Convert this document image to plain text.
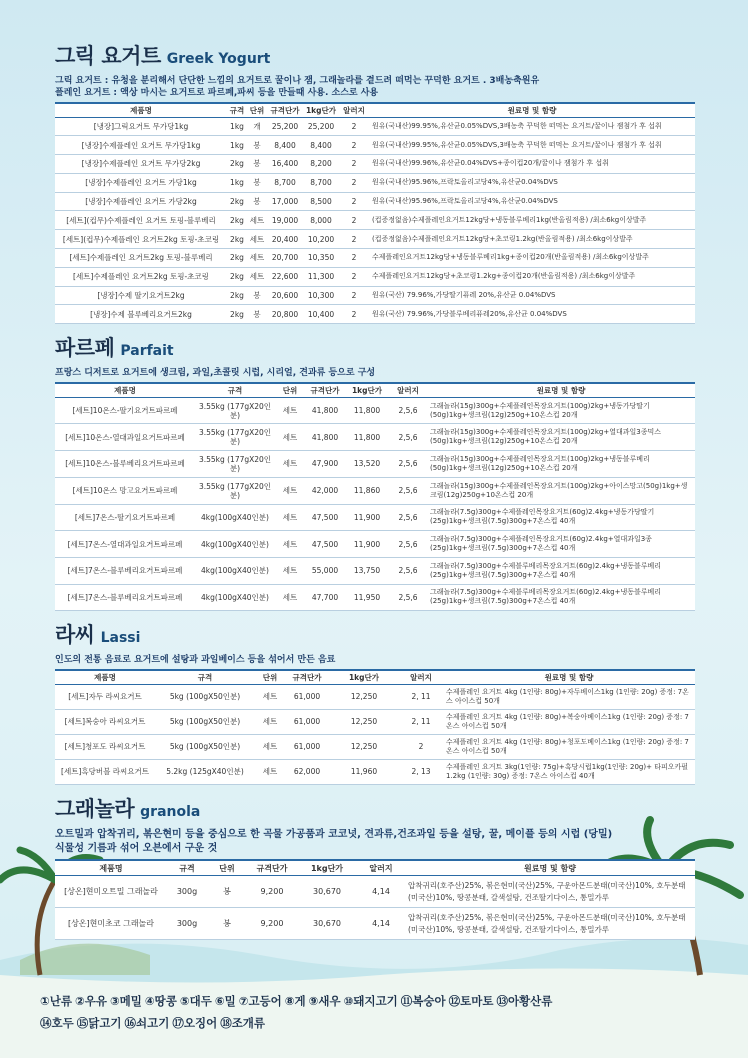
그릭 요거트 Greek Yogurt
그릭 요거트 : 유청을 분리해서 단단한 느낌의 요거트로 꿀이나 잼, 그래놀라를 곁드려 떠먹는 꾸덕한 요거트 . 3배농축원유
플레인 요거트 : 액상 마시는 요거트로 파르페,파씨 등을 만들때 사용. 소스로 사용
제품명	규격	단위	규격단가	1kg단가	알러지	원료명 및 함량
[냉장]그릭요거트 무가당1kg	1kg	개	25,200	25,200	2	원유(국내산)99.95%,유산균0.05%DVS,3배농축 꾸덕한 떠먹는 요거트/꿀이나 잼첨가 후 섭취
[냉장]수제플레인 요거트 무가당1kg	1kg	봉	8,400	8,400	2	원유(국내산)99.95%,유산균0.05%DVS,3배농축 꾸덕한 떠먹는 요거트/꿀이나 잼첨가 후 섭취
[냉장]수제플레인 요거트 무가당2kg	2kg	봉	16,400	8,200	2	원유(국내산)99.96%,유산균0.04%DVS+종이컵20개/꿀이나 잼첨가 후 섭취
[냉장]수제플레인 요거트 가당1kg	1kg	봉	8,700	8,700	2	원유(국내산)95.96%,프락토올리고당4%,유산균0.04%DVS
[냉장]수제플레인 요거트 가당2kg	2kg	봉	17,000	8,500	2	원유(국내산)95.96%,프락토올리고당4%,유산균0.04%DVS
[세트](컵무)수제플레인 요거트 토핑-블루베리	2kg	세트	19,000	8,000	2	(컵증정없음)수제플레인요거트12kg당+냉동블루베리1kg(반올림적용) /최소6kg이상발주
[세트](컵무)수제플레인 요거트2kg 토핑-초코링	2kg	세트	20,400	10,200	2	(컵증정없음)수제플레인요거트12kg당+초코링1.2kg(반올림적용) /최소6kg이상발주
[세트]수제플레인 요거트2kg 토핑-블루베리	2kg	세트	20,700	10,350	2	수제플레인요거트12kg당+냉동블루베리1kg+종이컵20개(반올림적용) /최소6kg이상발주
[세트]수제플레인 요거트2kg 토핑-초코링	2kg	세트	22,600	11,300	2	수제플레인요거트12kg당+초코링1.2kg+종이컵20개(반올림적용) /최소6kg이상발주
[냉장]수제 딸기요거트2kg	2kg	봉	20,600	10,300	2	원유(국산) 79.96%,가당딸기퓨레 20%,유산균 0.04%DVS
[냉장]수제 블루베리요거트2kg	2kg	봉	20,800	10,400	2	원유(국산) 79.96%,가당블루베리퓨레20%,유산균 0.04%DVS
파르페 Parfait
프랑스 디저트로 요거트에 생크림, 과일,초콜릿 시럽, 시리얼, 견과류 등으로 구성
제품명	규격	단위	규격단가	1kg단가	알러지	원료명 및 함량
[세트]10온스-딸기요거트파르페	3.55kg (177gX20인분)	세트	41,800	11,800	2,5,6	그래놀라(15g)300g+수제플레인목장요거트(100g)2kg+냉동가당딸기(50g)1kg+생크림(12g)250g+10온스컵 20개
[세트]10온스-열대과일요거트파르페	3.55kg (177gX20인분)	세트	41,800	11,800	2,5,6	그래놀라(15g)300g+수제플레인목장요거트(100g)2kg+열대과일3종믹스(50g)1kg+생크림(12g)250g+10온스컵 20개
[세트]10온스-블루베리요거트파르페	3.55kg (177gX20인분)	세트	47,900	13,520	2,5,6	그래놀라(15g)300g+수제플레인목장요거트(100g)2kg+냉동블루베리(50g)1kg+생크림(12g)250g+10온스컵 20개
[세트]10온스 망고요거트파르페	3.55kg (177gX20인분)	세트	42,000	11,860	2,5,6	그래놀라(15g)300g+수제플레인목장요거트(100g)2kg+아이스망고(50g)1kg+생크림(12g)250g+10온스컵 20개
[세트]7온스-딸기요거트파르페	4kg(100gX40인분)	세트	47,500	11,900	2,5,6	그래놀라(7.5g)300g+수제플레인목장요거트(60g)2.4kg+냉동가당딸기(25g)1kg+생크림(7.5g)300g+7온스컵 40개
[세트]7온스-열대과일요거트파르페	4kg(100gX40인분)	세트	47,500	11,900	2,5,6	그래놀라(7.5g)300g+수제플레인목장요거트(60g)2.4kg+열대과일3종(25g)1kg+생크림(7.5g)300g+7온스컵 40개
[세트]7온스-블루베리요거트파르페	4kg(100gX40인분)	세트	55,000	13,750	2,5,6	그래놀라(7.5g)300g+수제블루베리목장요거트(60g)2.4kg+냉동블루베리(25g)1kg+생크림(7.5g)300g+7온스컵 40개
[세트]7온스-블루베리요거트파르페	4kg(100gX40인분)	세트	47,700	11,950	2,5,6	그래놀라(7.5g)300g+수제블루베리목장요거트(60g)2.4kg+냉동블루베리(25g)1kg+생크림(7.5g)300g+7온스컵 40개
라씨 Lassi
인도의 전통 음료로 요거트에 설탕과 과일베이스 등을 섞어서 만든 음료
제품명	규격	단위	규격단가	1kg단가	알러지	원료명 및 함량
[세트]자두 라씨요거트	5kg (100gX50인분)	세트	61,000	12,250	2, 11	수제플레인 요거트 4kg (1인량: 80g)+자두베이스1kg (1인량: 20g) 증정: 7온스 아이스컵 50개
[세트]복숭아 라씨요거트	5kg (100gX50인분)	세트	61,000	12,250	2, 11	수제플레인 요거트 4kg (1인량: 80g)+복숭아베이스1kg (1인량: 20g) 증정: 7온스 아이스컵 50개
[세트]청포도 라씨요거트	5kg (100gX50인분)	세트	61,000	12,250	2	수제플레인 요거트 4kg (1인량: 80g)+청포도베이스1kg (1인량: 20g) 증정: 7온스 아이스컵 50개
[세트]흑당버블 라씨요거트	5.2kg (125gX40인분)	세트	62,000	11,960	2, 13	수제플레인 요거트 3kg(1인량: 75g)+흑당시럽1kg(1인량: 20g)+ 타피오카펄 1.2kg (1인량: 30g) 증정: 7온스 아이스컵 40개
그래놀라 granola
오트밀과 압착귀리, 볶은현미 등을 중심으로 한 곡물 가공품과 코코넛, 견과류,건조과일 등을 설탕, 꿀, 메이플 등의 시럽 (당밀)
식물성 기름과 섞어 오븐에서 구운 것
제품명	규격	단위	규격단가	1kg단가	알러지	원료명 및 함량
[상온]현미오트밀 그래놀라	300g	봉	9,200	30,670	4,14	압착귀리(호주산)25%, 볶은현미(국산)25%, 구운아몬드분태(미국산)10%, 호두분태(미국산)10%, 땅콩분태, 갈색설탕, 건조딸기다이스, 통밀가루
[상온]현미초코 그래놀라	300g	봉	9,200	30,670	4,14	압착귀리(호주산)25%, 볶은현미(국산)25%, 구운아몬드분태(미국산)10%, 호두분태(미국산)10%, 땅콩분태, 갈색설탕, 건조딸기다이스, 통밀가루
①난류 ②우유 ③메밀 ④땅콩 ⑤대두 ⑥밀 ⑦고등어 ⑧게 ⑨새우 ⑩돼지고기 ⑪복숭아 ⑫토마토 ⑬아황산류
⑭호두 ⑮닭고기 ⑯쇠고기 ⑰오징어 ⑱조개류
